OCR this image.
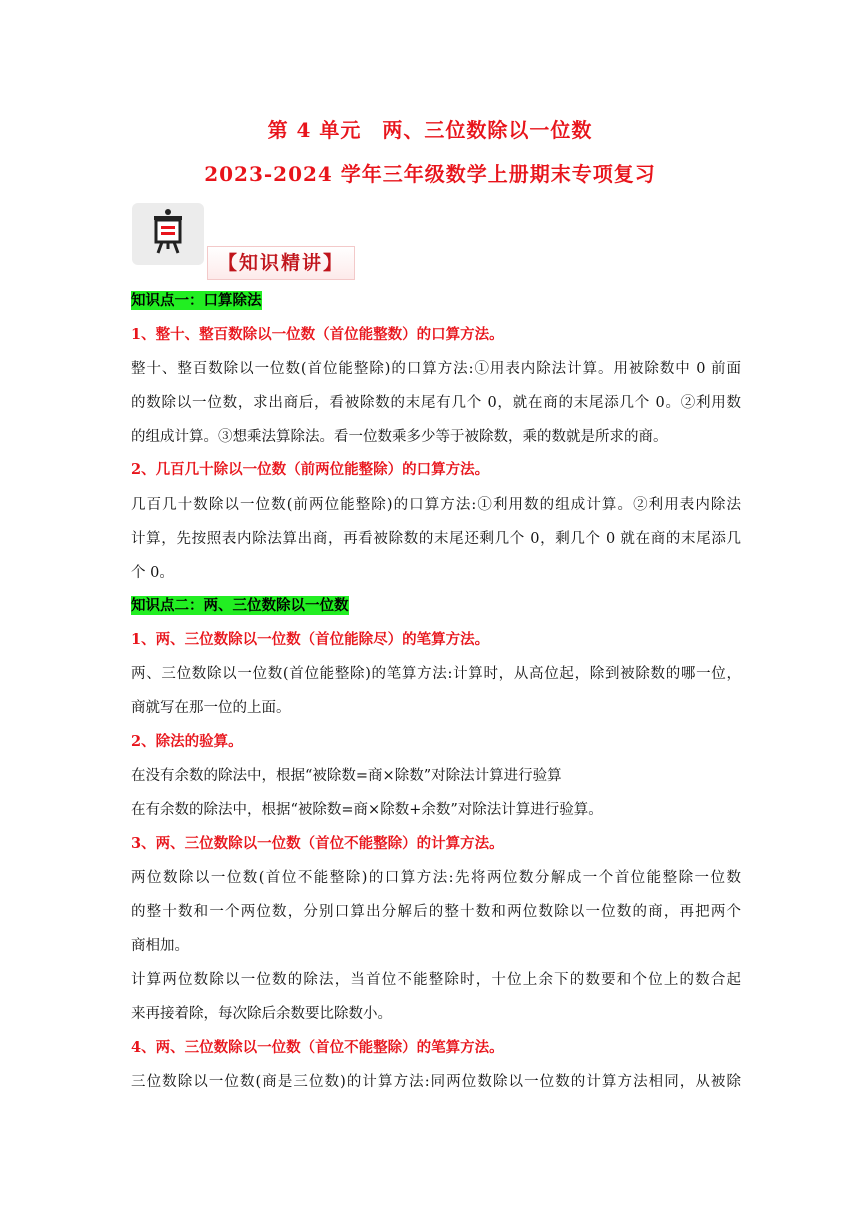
第 4 单元　两、三位数除以一位数
2023-2024 学年三年级数学上册期末专项复习
【知识精讲】
知识点一：口算除法
1、整十、整百数除以一位数（首位能整数）的口算方法。
整十、整百数除以一位数(首位能整除)的口算方法:①用表内除法计算。用被除数中 0 前面
的数除以一位数，求出商后，看被除数的末尾有几个 0，就在商的末尾添几个 0。②利用数
的组成计算。③想乘法算除法。看一位数乘多少等于被除数，乘的数就是所求的商。
2、几百几十除以一位数（前两位能整除）的口算方法。
几百几十数除以一位数(前两位能整除)的口算方法:①利用数的组成计算。②利用表内除法
计算，先按照表内除法算出商，再看被除数的末尾还剩几个 0，剩几个 0 就在商的末尾添几
个 0。
知识点二：两、三位数除以一位数
1、两、三位数除以一位数（首位能除尽）的笔算方法。
两、三位数除以一位数(首位能整除)的笔算方法:计算时，从高位起，除到被除数的哪一位，
商就写在那一位的上面。
2、除法的验算。
在没有余数的除法中，根据“被除数=商×除数”对除法计算进行验算
在有余数的除法中，根据“被除数=商×除数+余数”对除法计算进行验算。
3、两、三位数除以一位数（首位不能整除）的计算方法。
两位数除以一位数(首位不能整除)的口算方法:先将两位数分解成一个首位能整除一位数
的整十数和一个两位数，分别口算出分解后的整十数和两位数除以一位数的商，再把两个
商相加。
计算两位数除以一位数的除法，当首位不能整除时，十位上余下的数要和个位上的数合起
来再接着除，每次除后余数要比除数小。
4、两、三位数除以一位数（首位不能整除）的笔算方法。
三位数除以一位数(商是三位数)的计算方法:同两位数除以一位数的计算方法相同，从被除
